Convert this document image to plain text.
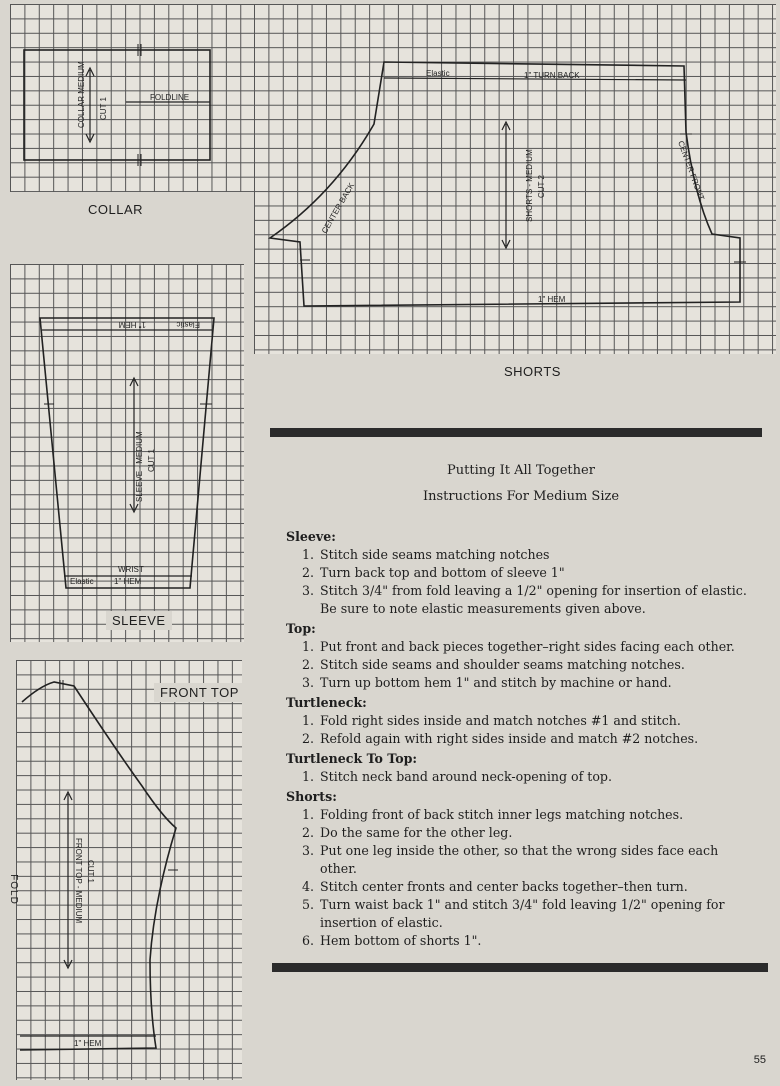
FOLDLINE
COLLAR MEDIUM CUT 1
COLLAR
Elastic	1" TURN BACK
CENTER BACK
CENTER FRONT
SHORTS - MEDIUM CUT 2
1" HEM
SHORTS
1" HEM	Elastic
SLEEVE - MEDIUM CUT 1
WRIST
Elastic	1" HEM
SLEEVE
FRONT TOP - MEDIUM CUT 1
1" HEM
FRONT TOP
FOLD

Putting It All Together

Instructions For Medium Size

Sleeve:
1. Stitch side seams matching notches
2. Turn back top and bottom of sleeve 1"
3. Stitch 3/4" from fold leaving a 1/2" opening for insertion of elastic. Be sure to note elastic measurements given above.
Top:
1. Put front and back pieces together–right sides facing each other.
2. Stitch side seams and shoulder seams matching notches.
3. Turn up bottom hem 1" and stitch by machine or hand.
Turtleneck:
1. Fold right sides inside and match notches #1 and stitch.
2. Refold again with right sides inside and match #2 notches.
Turtleneck To Top:
1. Stitch neck band around neck-opening of top.
Shorts:
1. Folding front of back stitch inner legs matching notches.
2. Do the same for the other leg.
3. Put one leg inside the other, so that the wrong sides face each other.
4. Stitch center fronts and center backs together–then turn.
5. Turn waist back 1" and stitch 3/4" fold leaving 1/2" opening for insertion of elastic.
6. Hem bottom of shorts 1".
55
